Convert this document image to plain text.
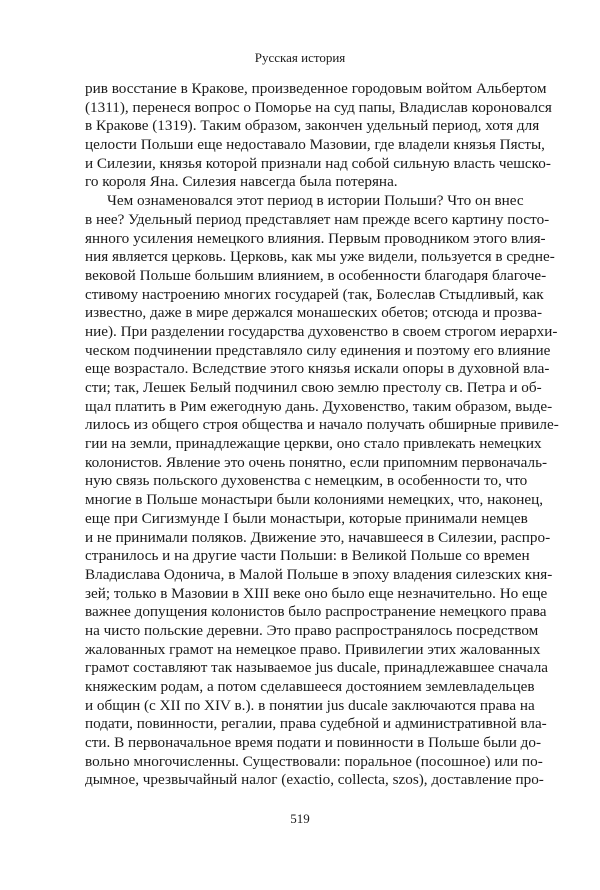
Русская история
рив восстание в Кракове, произведенное городовым войтом Альбертом
(1311), перенеся вопрос о Поморье на суд папы, Владислав короновался
в Кракове (1319). Таким образом, закончен удельный период, хотя для
целости Польши еще недоставало Мазовии, где владели князья Пясты,
и Силезии, князья которой признали над собой сильную власть чешско-
го короля Яна. Силезия навсегда была потеряна.
Чем ознаменовался этот период в истории Польши? Что он внес
в нее? Удельный период представляет нам прежде всего картину посто-
янного усиления немецкого влияния. Первым проводником этого влия-
ния является церковь. Церковь, как мы уже видели, пользуется в средне-
вековой Польше большим влиянием, в особенности благодаря благоче-
стивому настроению многих государей (так, Болеслав Стыдливый, как
известно, даже в мире держался монашеских обетов; отсюда и прозва-
ние). При разделении государства духовенство в своем строгом иерархи-
ческом подчинении представляло силу единения и поэтому его влияние
еще возрастало. Вследствие этого князья искали опоры в духовной вла-
сти; так, Лешек Белый подчинил свою землю престолу св. Петра и об-
щал платить в Рим ежегодную дань. Духовенство, таким образом, выде-
лилось из общего строя общества и начало получать обширные привиле-
гии на земли, принадлежащие церкви, оно стало привлекать немецких
колонистов. Явление это очень понятно, если припомним первоначаль-
ную связь польского духовенства с немецким, в особенности то, что
многие в Польше монастыри были колониями немецких, что, наконец,
еще при Сигизмунде I были монастыри, которые принимали немцев
и не принимали поляков. Движение это, начавшееся в Силезии, распро-
странилось и на другие части Польши: в Великой Польше со времен
Владислава Одонича, в Малой Польше в эпоху владения силезских кня-
зей; только в Мазовии в XIII веке оно было еще незначительно. Но еще
важнее допущения колонистов было распространение немецкого права
на чисто польские деревни. Это право распространялось посредством
жалованных грамот на немецкое право. Привилегии этих жалованных
грамот составляют так называемое jus ducale, принадлежавшее сначала
княжеским родам, а потом сделавшееся достоянием землевладельцев
и общин (с XII по XIV в.). в понятии jus ducale заключаются права на
подати, повинности, регалии, права судебной и административной вла-
сти. В первоначальное время подати и повинности в Польше были до-
вольно многочисленны. Существовали: поральное (посошное) или по-
дымное, чрезвычайный налог (exactio, collecta, szos), доставление про-
519
